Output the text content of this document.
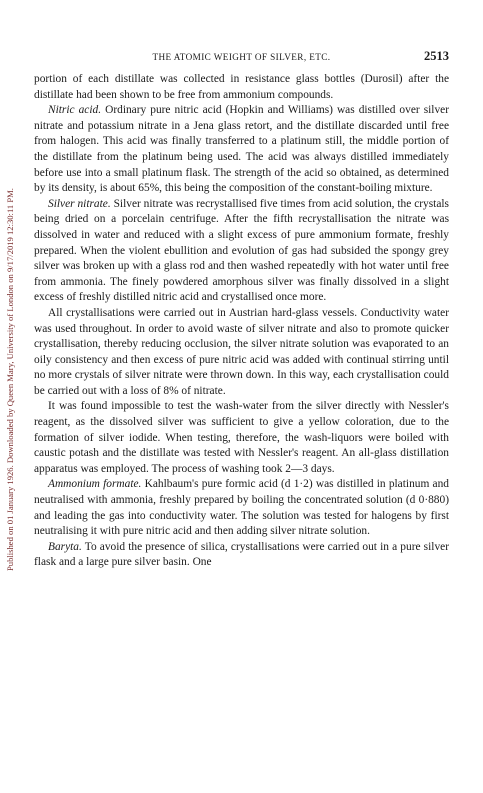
Published on 01 January 1926. Downloaded by Queen Mary, University of London on 9/17/2019 12:30:11 PM.
THE ATOMIC WEIGHT OF SILVER, ETC.	2513

portion of each distillate was collected in resistance glass bottles (Durosil) after the distillate had been shown to be free from ammonium compounds.

Nitric acid. Ordinary pure nitric acid (Hopkin and Williams) was distilled over silver nitrate and potassium nitrate in a Jena glass retort, and the distillate discarded until free from halogen. This acid was finally transferred to a platinum still, the middle portion of the distillate from the platinum being used. The acid was always distilled immediately before use into a small platinum flask. The strength of the acid so obtained, as determined by its density, is about 65%, this being the composition of the constant-boiling mixture.

Silver nitrate. Silver nitrate was recrystallised five times from acid solution, the crystals being dried on a porcelain centrifuge. After the fifth recrystallisation the nitrate was dissolved in water and reduced with a slight excess of pure ammonium formate, freshly prepared. When the violent ebullition and evolution of gas had subsided the spongy grey silver was broken up with a glass rod and then washed repeatedly with hot water until free from ammonia. The finely powdered amorphous silver was finally dissolved in a slight excess of freshly distilled nitric acid and crystallised once more.

All crystallisations were carried out in Austrian hard-glass vessels. Conductivity water was used throughout. In order to avoid waste of silver nitrate and also to promote quicker crystallisation, thereby reducing occlusion, the silver nitrate solution was evaporated to an oily consistency and then excess of pure nitric acid was added with continual stirring until no more crystals of silver nitrate were thrown down. In this way, each crystallisation could be carried out with a loss of 8% of nitrate.

It was found impossible to test the wash-water from the silver directly with Nessler's reagent, as the dissolved silver was sufficient to give a yellow coloration, due to the formation of silver iodide. When testing, therefore, the wash-liquors were boiled with caustic potash and the distillate was tested with Nessler's reagent. An all-glass distillation apparatus was employed. The process of washing took 2—3 days.

Ammonium formate. Kahlbaum's pure formic acid (d 1·2) was distilled in platinum and neutralised with ammonia, freshly prepared by boiling the concentrated solution (d 0·880) and leading the gas into conductivity water. The solution was tested for halogens by first neutralising it with pure nitric acid and then adding silver nitrate solution.

Baryta. To avoid the presence of silica, crystallisations were carried out in a pure silver flask and a large pure silver basin. One
